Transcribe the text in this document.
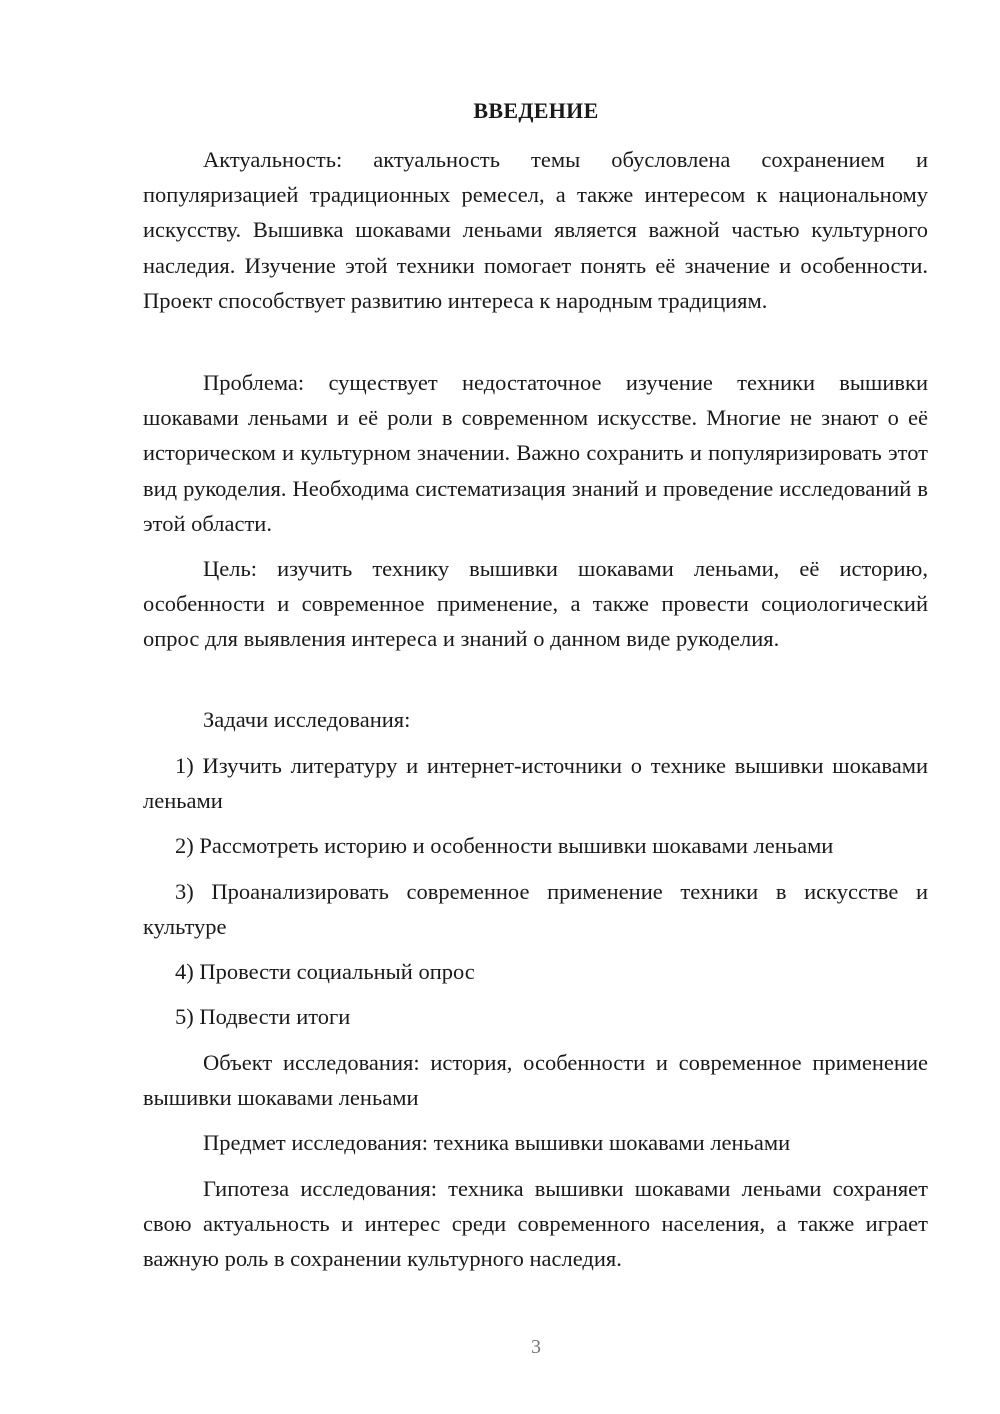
ВВЕДЕНИЕ

Актуальность: актуальность темы обусловлена сохранением и популяризацией традиционных ремесел, а также интересом к национальному искусству. Вышивка шокавами леньами является важной частью культурного наследия. Изучение этой техники помогает понять её значение и особенности. Проект способствует развитию интереса к народным традициям.

Проблема: существует недостаточное изучение техники вышивки шокавами леньами и её роли в современном искусстве. Многие не знают о её историческом и культурном значении. Важно сохранить и популяризировать этот вид рукоделия. Необходима систематизация знаний и проведение исследований в этой области.

Цель: изучить технику вышивки шокавами леньами, её историю, особенности и современное применение, а также провести социологический опрос для выявления интереса и знаний о данном виде рукоделия.

Задачи исследования:

1) Изучить литературу и интернет-источники о технике вышивки шокавами леньами

2) Рассмотреть историю и особенности вышивки шокавами леньами

3) Проанализировать современное применение техники в искусстве и культуре

4) Провести социальный опрос

5) Подвести итоги

Объект исследования: история, особенности и современное применение вышивки шокавами леньами

Предмет исследования: техника вышивки шокавами леньами

Гипотеза исследования: техника вышивки шокавами леньами сохраняет свою актуальность и интерес среди современного населения, а также играет важную роль в сохранении культурного наследия.

3
